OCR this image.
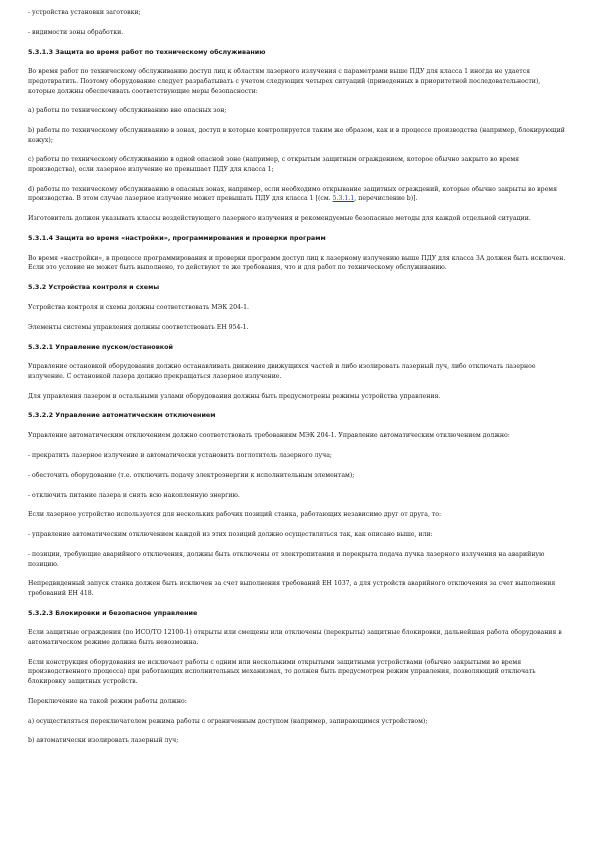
- устройства установки заготовки;

- видимости зоны обработки.

5.3.1.3 Защита во время работ по техническому обслуживанию

Во время работ по техническому обслуживанию доступ лиц к областям лазерного излучения с параметрами выше ПДУ для класса 1 иногда не удается предотвратить. Поэтому оборудование следует разрабатывать с учетом следующих четырех ситуаций (приведенных в приоритетной последовательности), которые должны обеспечивать соответствующие меры безопасности:

a) работы по техническому обслуживанию вне опасных зон;

b) работы по техническому обслуживанию в зонах, доступ в которые контролируется таким же образом, как и в процессе производства (например, блокирующий кожух);

c) работы по техническому обслуживанию в одной опасной зоне (например, с открытым защитным ограждением, которое обычно закрыто во время производства), если лазерное излучение не превышает ПДУ для класса 1;

d) работы по техническому обслуживанию в опасных зонах, например, если необходимо открывание защитных ограждений, которые обычно закрыты во время производства. В этом случае лазерное излучение может превышать ПДУ для класса 1 [(см. 5.3.1.1, перечисление b)].

Изготовитель должен указывать классы воздействующего лазерного излучения и рекомендуемые безопасные методы для каждой отдельной ситуации.

5.3.1.4 Защита во время «настройки», программирования и проверки программ

Во время «настройки», в процессе программирования и проверки программ доступ лиц к лазерному излучению выше ПДУ для класса 3А должен быть исключен. Если это условие не может быть выполнено, то действуют те же требования, что и для работ по техническому обслуживанию.

5.3.2 Устройства контроля и схемы

Устройства контроля и схемы должны соответствовать МЭК 204-1.

Элементы системы управления должны соответствовать ЕН 954-1.

5.3.2.1 Управление пуском/остановкой

Управление остановкой оборудования должно останавливать движение движущихся частей и либо изолировать лазерный луч, либо отключать лазерное излучение. С остановкой лазера должно прекращаться лазерное излучение.

Для управления лазером и остальными узлами оборудования должны быть предусмотрены режимы устройства управления.

5.3.2.2 Управление автоматическим отключением

Управление автоматическим отключением должно соответствовать требованиям МЭК 204-1. Управление автоматическим отключением должно:

- прекратить лазерное излучение и автоматически установить поглотитель лазерного луча;

- обесточить оборудование (т.е. отключить подачу электроэнергии к исполнительным элементам);

- отключить питание лазера и снять всю накопленную энергию.

Если лазерное устройство используется для нескольких рабочих позиций станка, работающих независимо друг от друга, то:

- управление автоматическим отключением каждой из этих позиций должно осуществляться так, как описано выше, или:

- позиции, требующие аварийного отключения, должны быть отключены от электропитания и перекрыта подача пучка лазерного излучения на аварийную позицию.

Непредвиденный запуск станка должен быть исключен за счет выполнения требований ЕН 1037, а для устройств аварийного отключения за счет выполнения требований ЕН 418.

5.3.2.3 Блокировки и безопасное управление

Если защитные ограждения (по ИСО/ТО 12100-1) открыты или смещены или отключены (перекрыты) защитные блокировки, дальнейшая работа оборудования в автоматическом режиме должна быть невозможна.

Если конструкция оборудования не исключает работы с одним или несколькими открытыми защитными устройствами (обычно закрытыми во время производственного процесса) при работающих исполнительных механизмах, то должен быть предусмотрен режим управления, позволяющий отключать блокировку защитных устройств.

Переключение на такой режим работы должно:

a) осуществляться переключателем режима работы с ограниченным доступом (например, запирающимся устройством);

b) автоматически изолировать лазерный луч;
